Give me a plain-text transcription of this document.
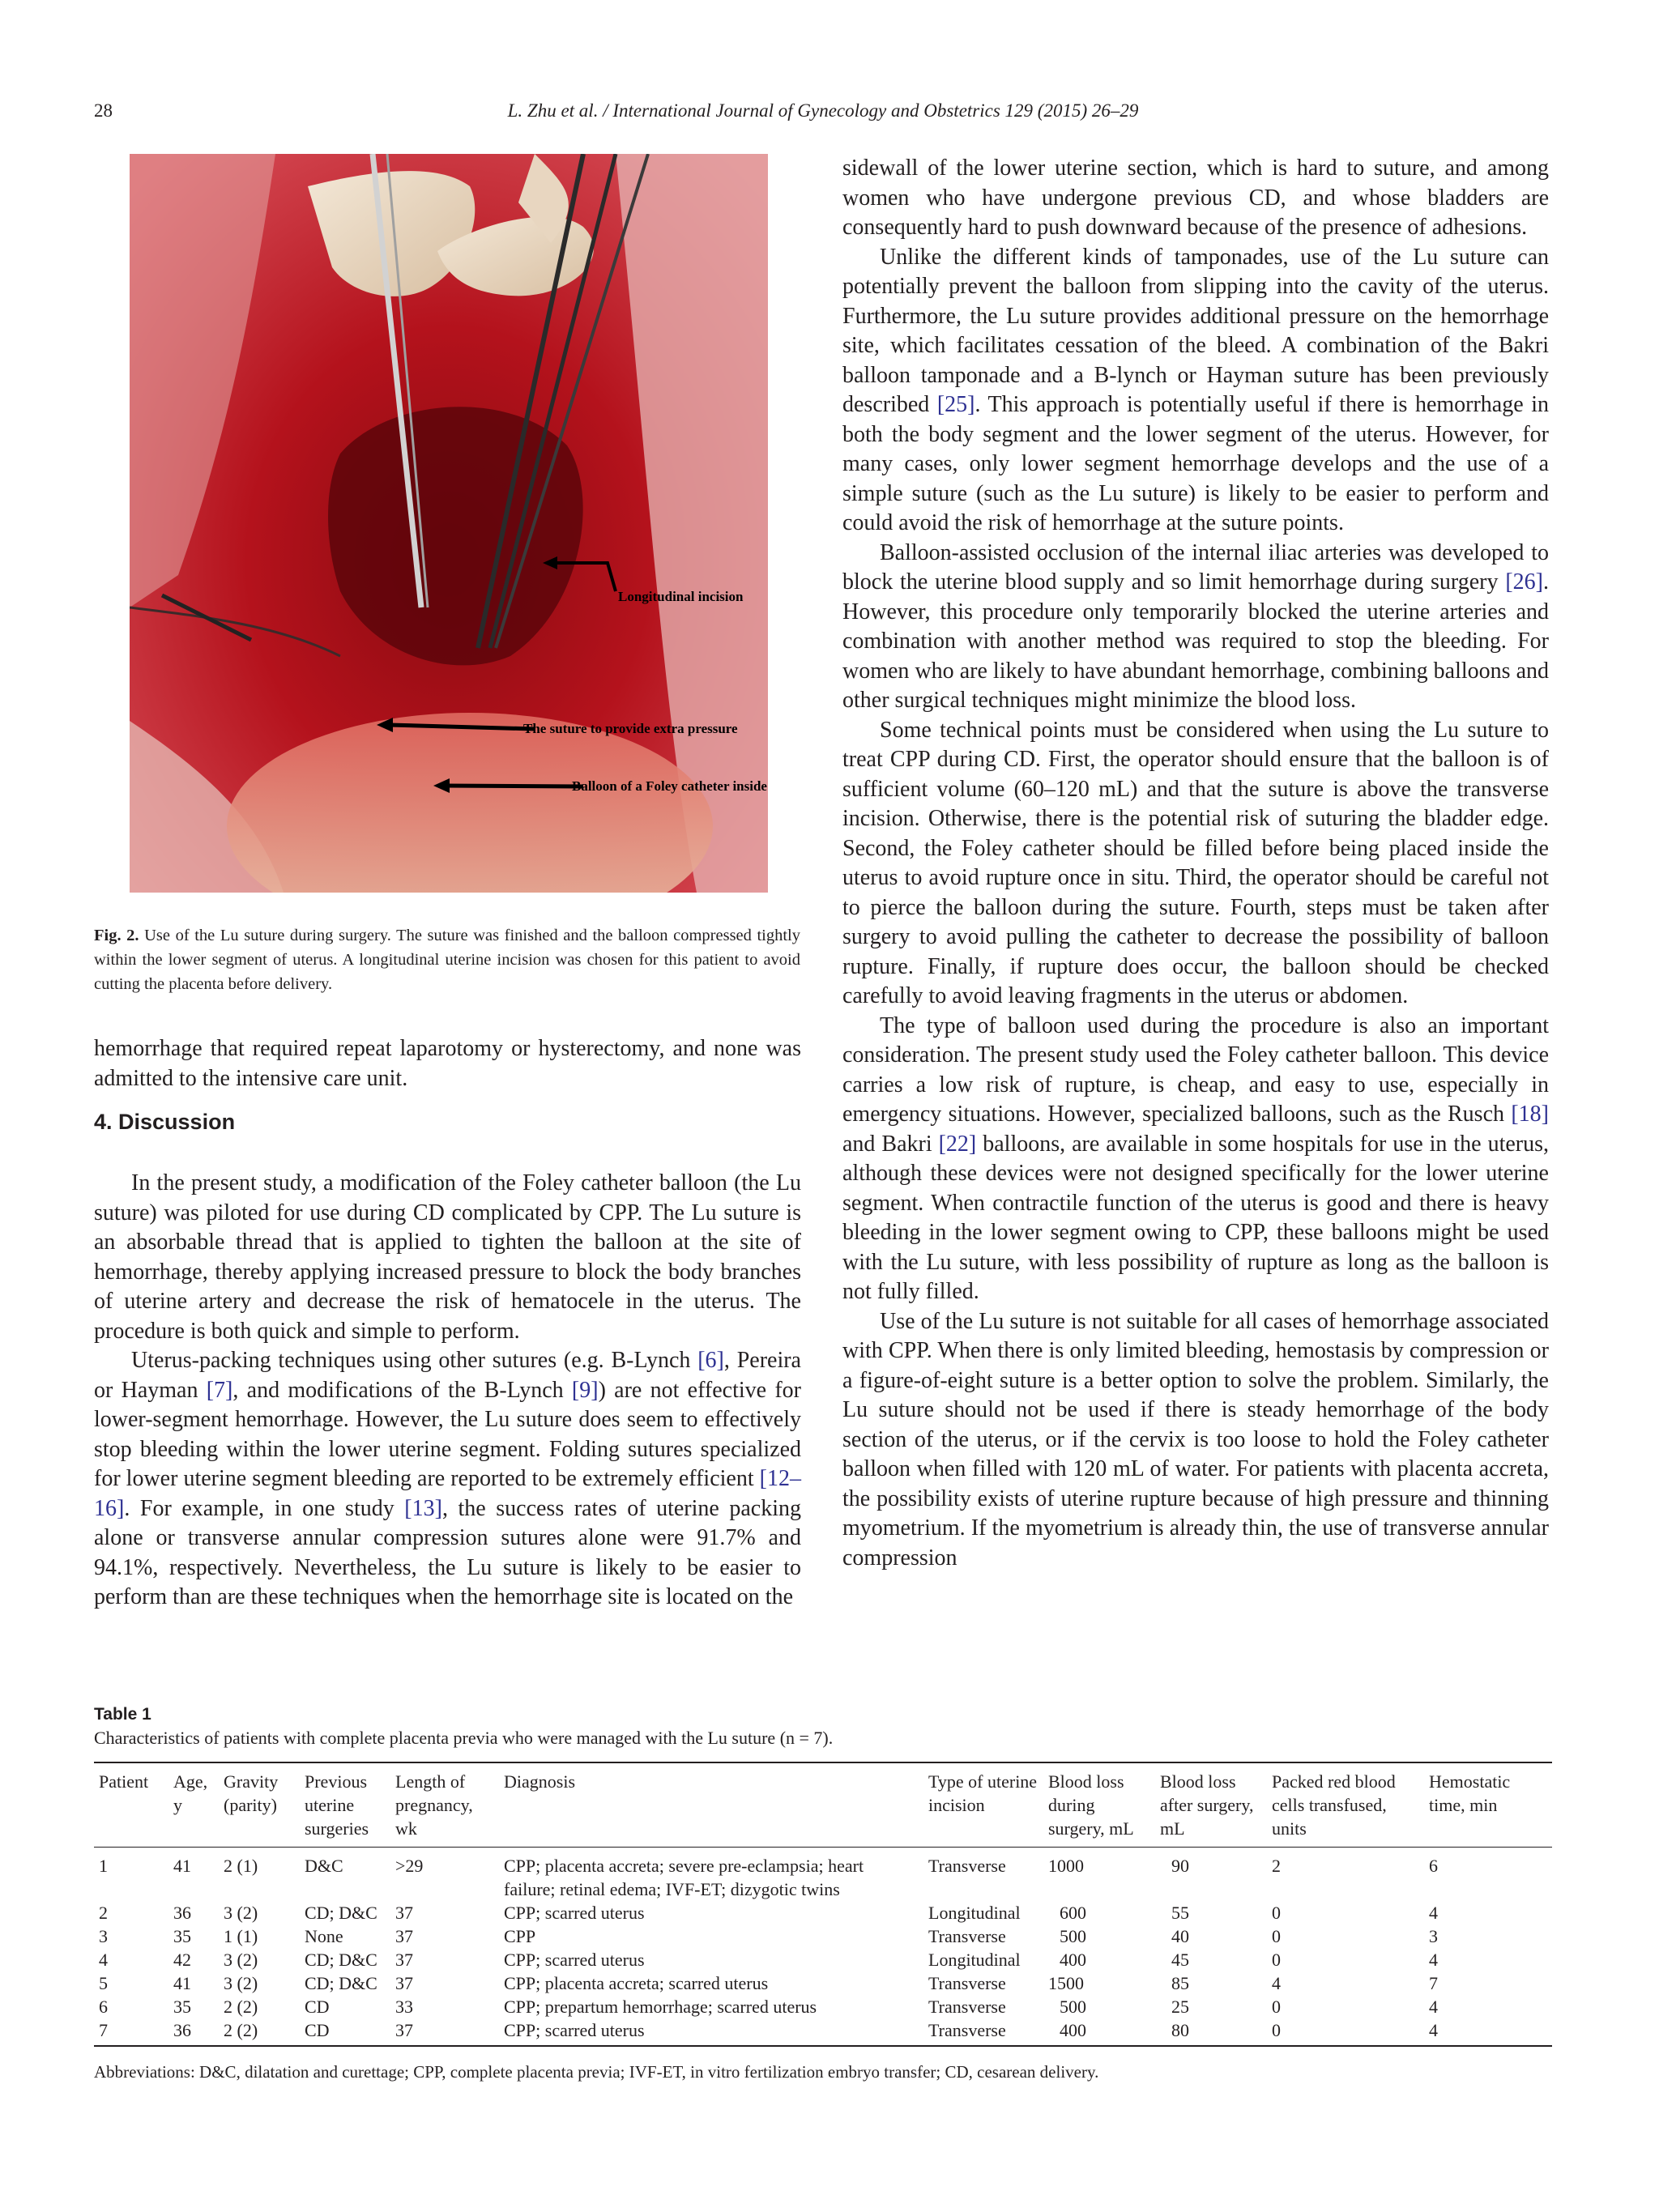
28	L. Zhu et al. / International Journal of Gynecology and Obstetrics 129 (2015) 26–29
Longitudinal incision
The suture to provide extra pressure
Balloon of a Foley catheter inside
Fig. 2. Use of the Lu suture during surgery. The suture was finished and the balloon compressed tightly within the lower segment of uterus. A longitudinal uterine incision was chosen for this patient to avoid cutting the placenta before delivery.

hemorrhage that required repeat laparotomy or hysterectomy, and none was admitted to the intensive care unit.

4. Discussion

In the present study, a modification of the Foley catheter balloon (the Lu suture) was piloted for use during CD complicated by CPP. The Lu suture is an absorbable thread that is applied to tighten the balloon at the site of hemorrhage, thereby applying increased pressure to block the body branches of uterine artery and decrease the risk of hematocele in the uterus. The procedure is both quick and simple to perform.

Uterus-packing techniques using other sutures (e.g. B-Lynch [6], Pereira or Hayman [7], and modifications of the B-Lynch [9]) are not effective for lower-segment hemorrhage. However, the Lu suture does seem to effectively stop bleeding within the lower uterine segment. Folding sutures specialized for lower uterine segment bleeding are reported to be extremely efficient [12–16]. For example, in one study [13], the success rates of uterine packing alone or transverse annular compression sutures alone were 91.7% and 94.1%, respectively. Nevertheless, the Lu suture is likely to be easier to perform than are these techniques when the hemorrhage site is located on the

sidewall of the lower uterine section, which is hard to suture, and among women who have undergone previous CD, and whose bladders are consequently hard to push downward because of the presence of adhesions.

Unlike the different kinds of tamponades, use of the Lu suture can potentially prevent the balloon from slipping into the cavity of the uterus. Furthermore, the Lu suture provides additional pressure on the hemorrhage site, which facilitates cessation of the bleed. A combination of the Bakri balloon tamponade and a B-lynch or Hayman suture has been previously described [25]. This approach is potentially useful if there is hemorrhage in both the body segment and the lower segment of the uterus. However, for many cases, only lower segment hemorrhage develops and the use of a simple suture (such as the Lu suture) is likely to be easier to perform and could avoid the risk of hemorrhage at the suture points.

Balloon-assisted occlusion of the internal iliac arteries was developed to block the uterine blood supply and so limit hemorrhage during surgery [26]. However, this procedure only temporarily blocked the uterine arteries and combination with another method was required to stop the bleeding. For women who are likely to have abundant hemorrhage, combining balloons and other surgical techniques might minimize the blood loss.

Some technical points must be considered when using the Lu suture to treat CPP during CD. First, the operator should ensure that the balloon is of sufficient volume (60–120 mL) and that the suture is above the transverse incision. Otherwise, there is the potential risk of suturing the bladder edge. Second, the Foley catheter should be filled before being placed inside the uterus to avoid rupture once in situ. Third, the operator should be careful not to pierce the balloon during the suture. Fourth, steps must be taken after surgery to avoid pulling the catheter to decrease the possibility of balloon rupture. Finally, if rupture does occur, the balloon should be checked carefully to avoid leaving fragments in the uterus or abdomen.

The type of balloon used during the procedure is also an important consideration. The present study used the Foley catheter balloon. This device carries a low risk of rupture, is cheap, and easy to use, especially in emergency situations. However, specialized balloons, such as the Rusch [18] and Bakri [22] balloons, are available in some hospitals for use in the uterus, although these devices were not designed specifically for the lower uterine segment. When contractile function of the uterus is good and there is heavy bleeding in the lower segment owing to CPP, these balloons might be used with the Lu suture, with less possibility of rupture as long as the balloon is not fully filled.

Use of the Lu suture is not suitable for all cases of hemorrhage associated with CPP. When there is only limited bleeding, hemostasis by compression or a figure-of-eight suture is a better option to solve the problem. Similarly, the Lu suture should not be used if there is steady hemorrhage of the body section of the uterus, or if the cervix is too loose to hold the Foley catheter balloon when filled with 120 mL of water. For patients with placenta accreta, the possibility exists of uterine rupture because of high pressure and thinning myometrium. If the myometrium is already thin, the use of transverse annular compression

Table 1
Characteristics of patients with complete placenta previa who were managed with the Lu suture (n = 7).
Patient	Age, y	Gravity (parity)	Previous uterine surgeries	Length of pregnancy, wk	Diagnosis	Type of uterine incision	Blood loss during surgery, mL	Blood loss after surgery, mL	Packed red blood cells transfused, units	Hemostatic time, min
1	41	2 (1)	D&C	>29	CPP; placenta accreta; severe pre-eclampsia; heart failure; retinal edema; IVF-ET; dizygotic twins	Transverse	1000	90	2	6
2	36	3 (2)	CD; D&C	37	CPP; scarred uterus	Longitudinal	600	55	0	4
3	35	1 (1)	None	37	CPP	Transverse	500	40	0	3
4	42	3 (2)	CD; D&C	37	CPP; scarred uterus	Longitudinal	400	45	0	4
5	41	3 (2)	CD; D&C	37	CPP; placenta accreta; scarred uterus	Transverse	1500	85	4	7
6	35	2 (2)	CD	33	CPP; prepartum hemorrhage; scarred uterus	Transverse	500	25	0	4
7	36	2 (2)	CD	37	CPP; scarred uterus	Transverse	400	80	0	4
Abbreviations: D&C, dilatation and curettage; CPP, complete placenta previa; IVF-ET, in vitro fertilization embryo transfer; CD, cesarean delivery.
